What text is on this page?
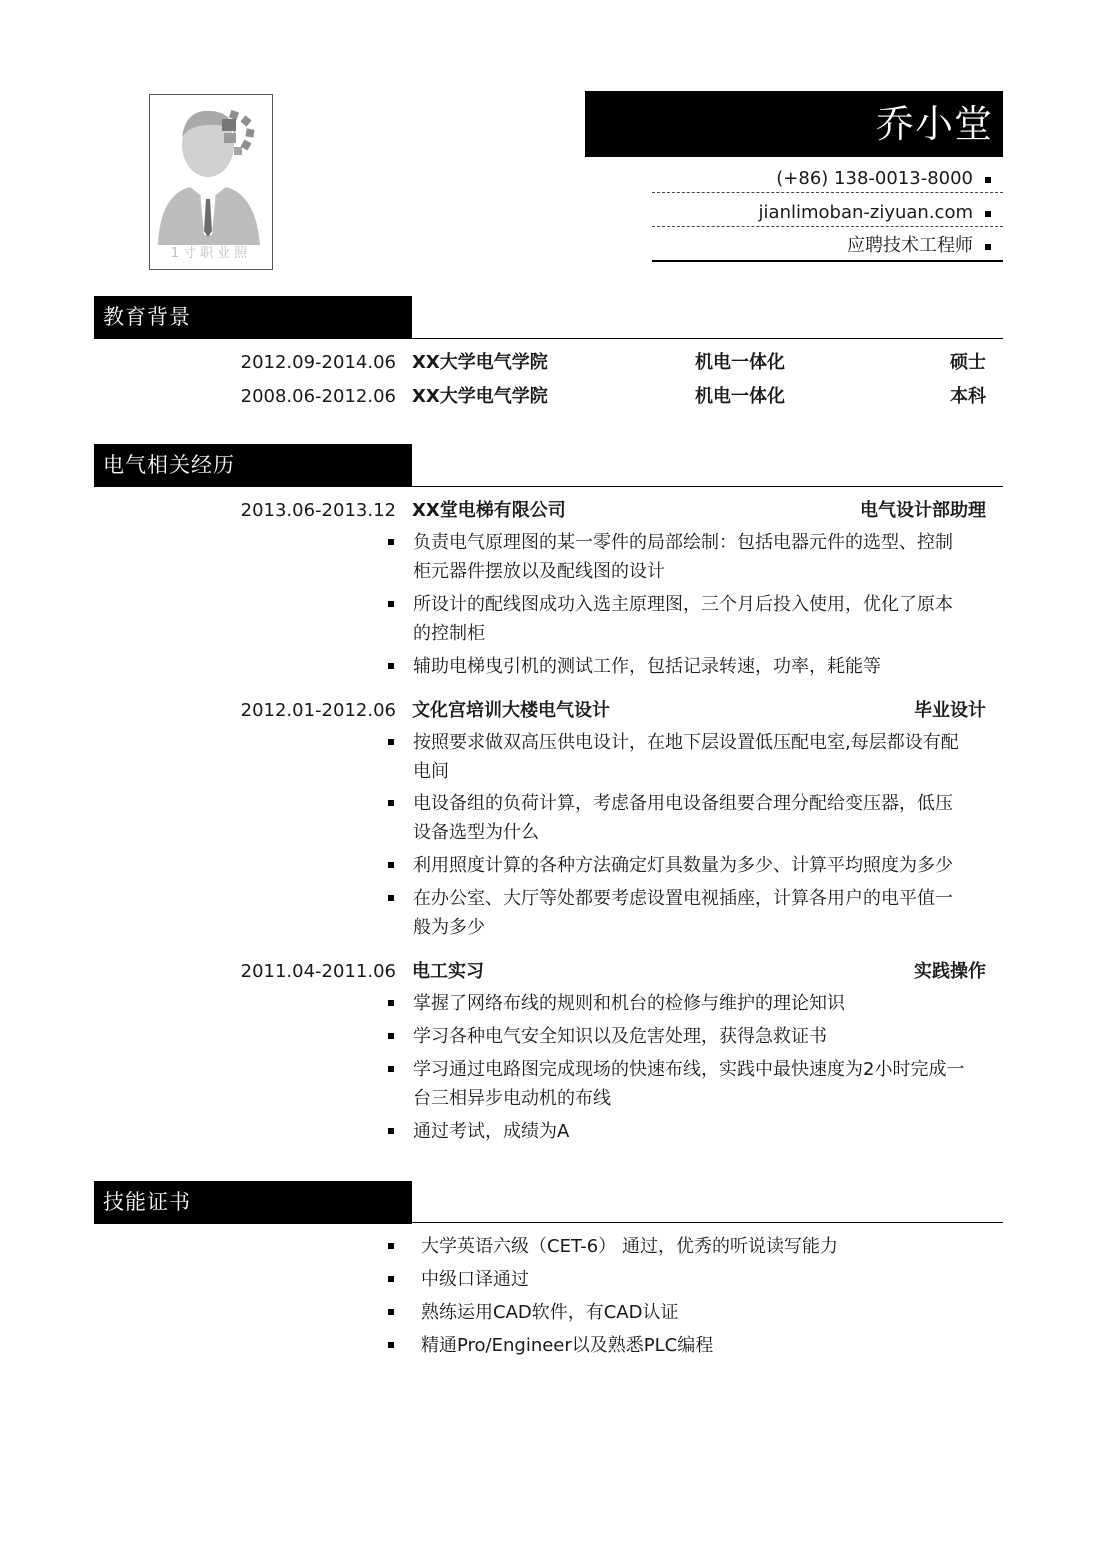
1寸职业照
乔小堂
(+86) 138-0013-8000
jianlimoban-ziyuan.com
应聘技术工程师
教育背景
2012.09-2014.06 XX大学电气学院	机电一体化	硕士
2008.06-2012.06 XX大学电气学院	机电一体化	本科
电气相关经历
2013.06-2013.12 XX堂电梯有限公司	电气设计部助理
负责电气原理图的某一零件的局部绘制：包括电器元件的选型、控制
柜元器件摆放以及配线图的设计
所设计的配线图成功入选主原理图，三个月后投入使用，优化了原本
的控制柜
辅助电梯曳引机的测试工作，包括记录转速，功率，耗能等
2012.01-2012.06 文化宫培训大楼电气设计	毕业设计
按照要求做双高压供电设计，在地下层设置低压配电室,每层都设有配
电间
电设备组的负荷计算，考虑备用电设备组要合理分配给变压器，低压
设备选型为什么
利用照度计算的各种方法确定灯具数量为多少、计算平均照度为多少
在办公室、大厅等处都要考虑设置电视插座，计算各用户的电平值一
般为多少
2011.04-2011.06 电工实习	实践操作
掌握了网络布线的规则和机台的检修与维护的理论知识
学习各种电气安全知识以及危害处理，获得急救证书
学习通过电路图完成现场的快速布线，实践中最快速度为2小时完成一
台三相异步电动机的布线
通过考试，成绩为A
技能证书
大学英语六级（CET-6） 通过，优秀的听说读写能力
中级口译通过
熟练运用CAD软件，有CAD认证
精通Pro/Engineer以及熟悉PLC编程
